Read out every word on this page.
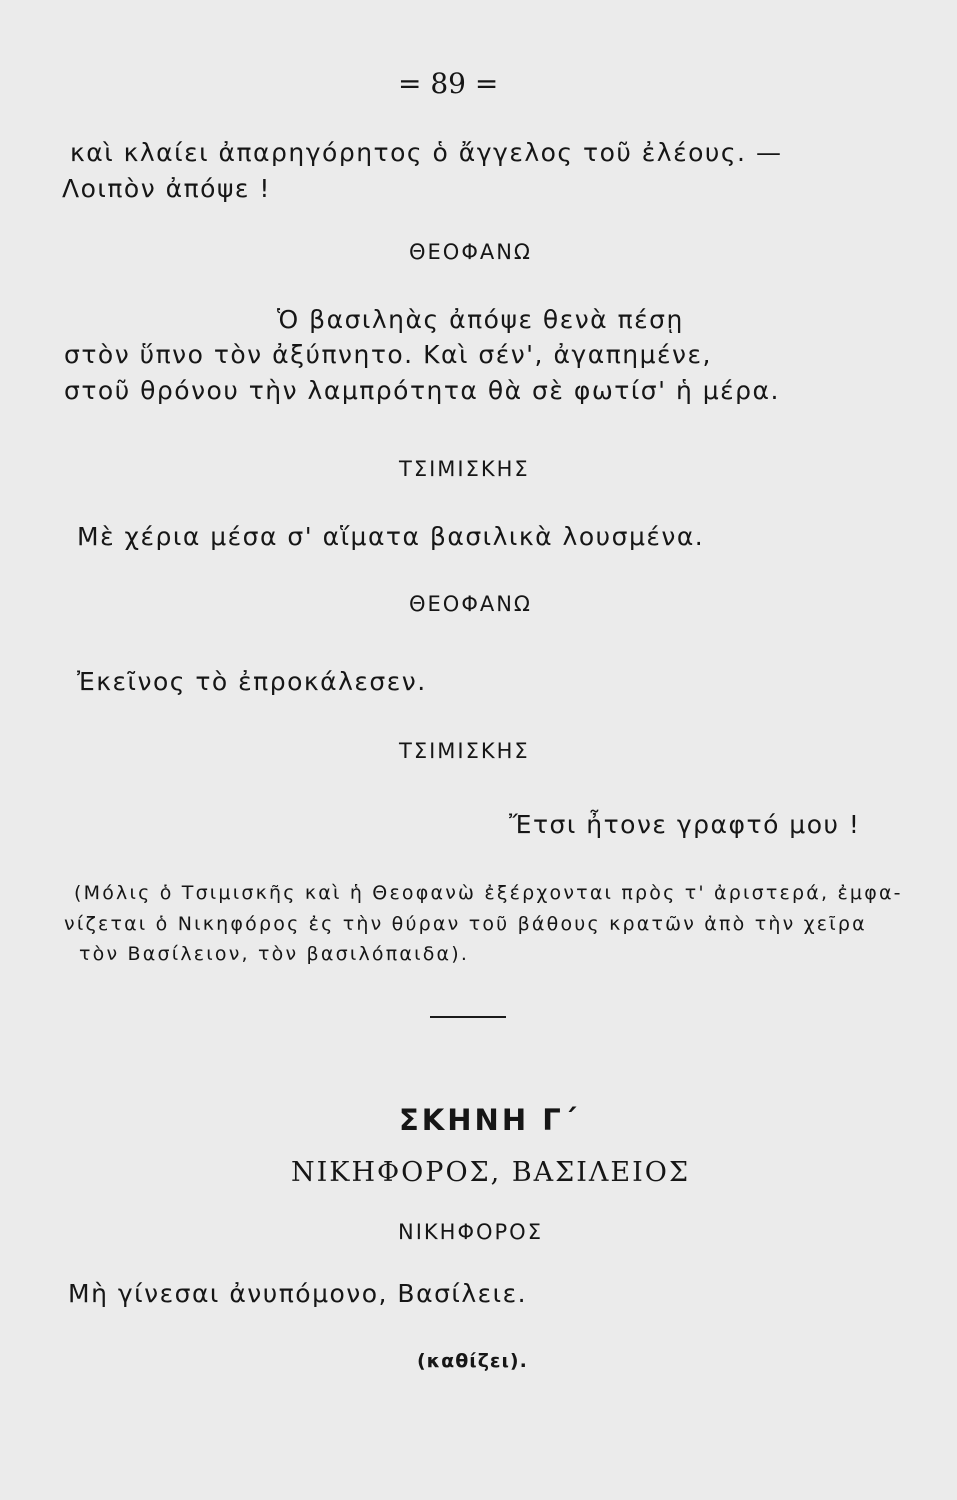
= 89 =
καὶ κλαίει ἀπαρηγόρητος ὁ ἄγγελος τοῦ ἐλέους. —
Λοιπὸν ἀπόψε !
ΘΕΟΦΑΝΩ
Ὁ βασιληὰς ἀπόψε θενὰ πέσῃ
στὸν ὕπνο τὸν ἀξύπνητο. Καὶ σέν', ἀγαπημένε,
στοῦ θρόνου τὴν λαμπρότητα θὰ σὲ φωτίσ' ἡ μέρα.
ΤΣΙΜΙΣΚΗΣ
Μὲ χέρια μέσα σ' αἵματα βασιλικὰ λουσμένα.
ΘΕΟΦΑΝΩ
Ἐκεῖνος τὸ ἐπροκάλεσεν.
ΤΣΙΜΙΣΚΗΣ
Ἔτσι ἦτονε γραφτό μου !
(Μόλις ὁ Τσιμισκῆς καὶ ἡ Θεοφανὼ ἐξέρχονται πρὸς τ' ἀριστερά, ἐμφα-
νίζεται ὁ Νικηφόρος ἐς τὴν θύραν τοῦ βάθους κρατῶν ἀπὸ τὴν χεῖρα
τὸν Βασίλειον, τὸν βασιλόπαιδα).
ΣΚΗΝΗ Γ΄
ΝΙΚΗΦΟΡΟΣ, ΒΑΣΙΛΕΙΟΣ
ΝΙΚΗΦΟΡΟΣ
Μὴ γίνεσαι ἀνυπόμονο, Βασίλειε.
(καθίζει).
